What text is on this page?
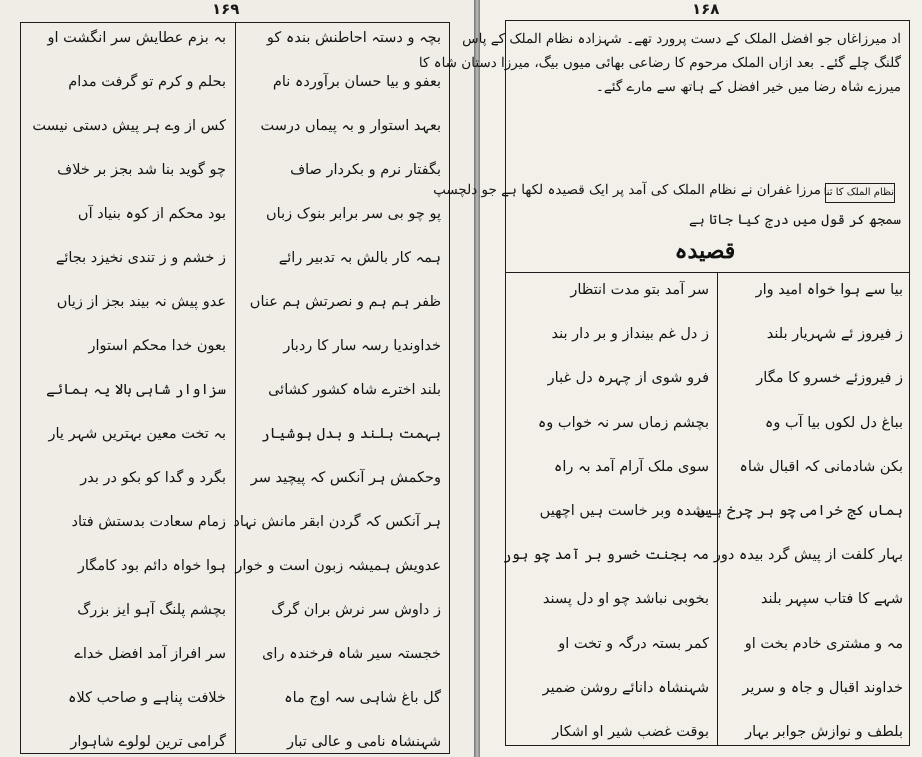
۱۶۹
بچہ و دستہ احاطنش بندہ کو
بعفو و بیا حسان برآوردہ نام
بعہد استوار و بہ پیماں درست
بگفتار نرم و بکردار صاف
پو چو بی سر برابر بنوک زباں
ہمہ کار بالش بہ تدبیر رائے
ظفر ہم ہم و نصرتش ہم عناں
خداوندیا رسہ سار کا ردبار
بلند اخترے شاہ کشور کشائی
بہمت بلند و بدل ہوشیار
وحکمش ہر آنکس کہ پیچید سر
ہر آنکس کہ گردن ابقر مانش نہاد
عدویش ہمیشہ زبون است و خوار
ز داوش سر نرش بران گرگ
خجستہ سیر شاہ فرخندہ رای
گل باغ شاہی سہ اوج ماہ
شہنشاہ نامی و عالی تبار
بہ بزم عطایش سر انگشت او
بحلم و کرم تو گرفت مدام
کس از وے ہر پیش دستی نیست
چو گوید بنا شد بجز بر خلاف
بود محکم از کوہ بنیاد آں
ز خشم و ز تندی نخیزد بجائے
عدو پیش نہ بیند بجز از زیاں
بعون خدا محکم استوار
سزاوار شاہی بالا یہ ہمائے
بہ تخت معین بہتریں شہر یار
بگرد و گدا کو بکو در بدر
زمام سعادت بدستش فتاد
ہوا خواہ دائم بود کامگار
بچشم پلنگ آہو ایز بزرگ
سر افراز آمد افضل خداے
خلافت پناہے و صاحب کلاہ
گرامی ترین لولوے شاہوار
۱۶۸
اد میرزاغاں جو افضل الملک کے دست پرورد تھے۔ شہزادہ نظام الملک کے پاس
گلنگ چلے گئے۔ بعد ازاں الملک مرحوم کا رضاعی بھائی میوں بیگ، میرزا دستان شاہ کا
میرزے شاہ رضا میں خیر افضل کے ہاتھ سے مارے گئے۔
نظام الملک کا ثنا
مرزا غفران نے نظام الملک کی آمد پر ایک قصیدہ لکھا ہے جو دلچسپ
سمجھ کر قول میں درج کیا جاتا ہے
قصیدہ
بیا سے ہوا خواہ امید وار
ز فیروز ئے شہریار بلند
ز فیروزئے خسرو کا مگار
بباغ دل لکوں بیا آب وہ
بکن شادمانی کہ اقبال شاہ
ہماں کج خرامی چو ہر چرخ ہیں
بہار کلفت از پیش گرد بیدہ دور
شہے کا فتاب سپہر بلند
مہ و مشتری خادم بخت او
خداوند اقبال و جاہ و سریر
بلطف و نوازش جوابر بہار
سر آمد بتو مدت انتظار
ز دل غم بینداز و بر دار بند
فرو شوی از چہرہ دل غبار
بچشم زماں سر نہ خواب وہ
سوی ملک آرام آمد بہ راہ
بشدہ وبر خاست ہیں اچھیں
مہ بجنت خسرو بر آمد چو ہور
بخوبی نباشد چو او دل پسند
کمر بستہ درگہ و تخت او
شہنشاہ دانائے روشن ضمیر
بوقت غضب شیر او اشکار
